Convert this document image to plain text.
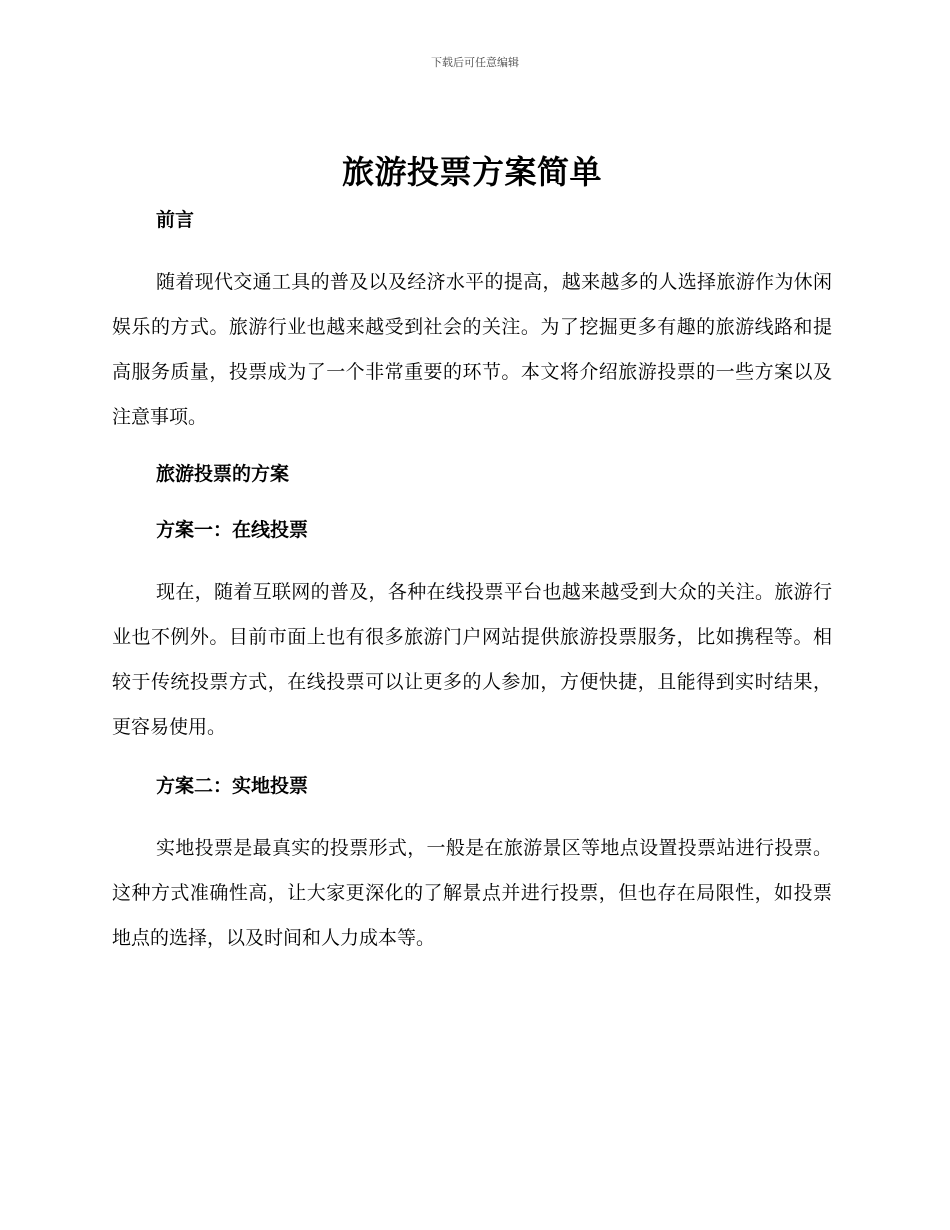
下载后可任意编辑
旅游投票方案简单
前言

随着现代交通工具的普及以及经济水平的提高，越来越多的人选择旅游作为休闲娱乐的方式。旅游行业也越来越受到社会的关注。为了挖掘更多有趣的旅游线路和提高服务质量，投票成为了一个非常重要的环节。本文将介绍旅游投票的一些方案以及注意事项。

旅游投票的方案
方案一：在线投票

现在，随着互联网的普及，各种在线投票平台也越来越受到大众的关注。旅游行业也不例外。目前市面上也有很多旅游门户网站提供旅游投票服务，比如携程等。相较于传统投票方式，在线投票可以让更多的人参加，方便快捷，且能得到实时结果，更容易使用。

方案二：实地投票

实地投票是最真实的投票形式，一般是在旅游景区等地点设置投票站进行投票。这种方式准确性高，让大家更深化的了解景点并进行投票，但也存在局限性，如投票地点的选择，以及时间和人力成本等。
